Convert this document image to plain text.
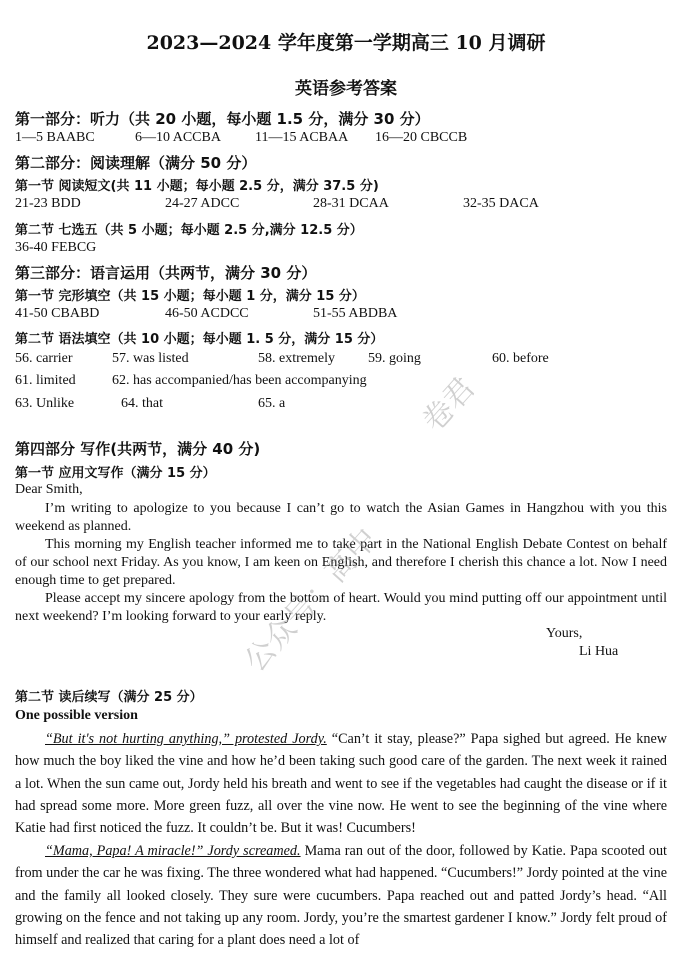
2023—2024 学年度第一学期高三 10 月调研
英语参考答案
第一部分：听力（共 20 小题，每小题 1.5 分，满分 30 分）
1—5 BAABC	6—10 ACCBA 11—15 ACBAA 16—20 CBCCB
第二部分：阅读理解（满分 50 分）
第一节 阅读短文(共 11 小题；每小题 2.5 分，满分 37.5 分)
21-23 BDD	24-27 ADCC	28-31 DCAA	32-35 DACA
第二节 七选五（共 5 小题；每小题 2.5 分,满分 12.5 分）
36-40 FEBCG
第三部分：语言运用（共两节，满分 30 分）
第一节 完形填空（共 15 小题；每小题 1 分，满分 15 分）
41-50 CBABD	46-50 ACDCC	51-55 ABDBA
第二节 语法填空（共 10 小题；每小题 1. 5 分，满分 15 分）
56. carrier	57. was listed	58. extremely 59. going	60. before
61. limited	62. has accompanied/has been accompanying
63. Unlike	64. that	65. a
第四部分 写作(共两节，满分 40 分)
第一节 应用文写作（满分 15 分）
Dear Smith,

I’m writing to apologize to you because I can’t go to watch the Asian Games in Hangzhou with you this weekend as planned.

This morning my English teacher informed me to take part in the National English Debate Contest on behalf of our school next Friday. As you know, I am keen on English, and therefore I cherish this chance a lot. Now I need enough time to get prepared.

Please accept my sincere apology from the bottom of heart. Would you mind putting off our appointment until next weekend? I’m looking forward to your early reply.

Yours,
Li Hua
第二节 读后续写（满分 25 分）
One possible version

“But it's not hurting anything,” protested Jordy. “Can’t it stay, please?” Papa sighed but agreed. He knew how much the boy liked the vine and how he’d been taking such good care of the garden. The next week it rained a lot. When the sun came out, Jordy held his breath and went to see if the vegetables had caught the disease or if it had spread some more. More green fuzz, all over the vine now. He went to see the beginning of the vine where Katie had first noticed the fuzz. It couldn’t be. But it was! Cucumbers!

“Mama, Papa! A miracle!” Jordy screamed. Mama ran out of the door, followed by Katie. Papa scooted out from under the car he was fixing. The three wondered what had happened. “Cucumbers!” Jordy pointed at the vine and the family all looked closely. They sure were cucumbers. Papa reached out and patted Jordy’s head. “All growing on the fence and not taking up any room. Jordy, you’re the smartest gardener I know.” Jordy felt proud of himself and realized that caring for a plant does need a lot of

公众号：高中
卷君
